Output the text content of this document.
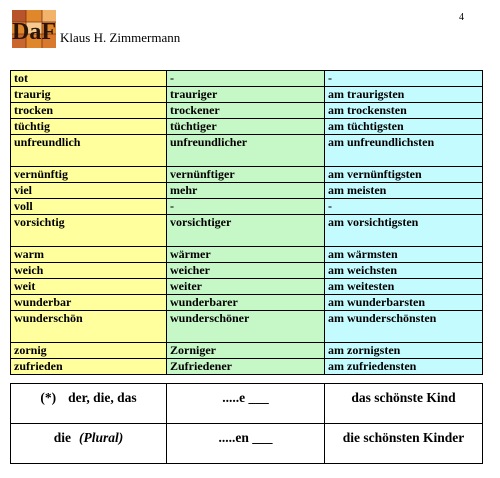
DaF Klaus H. Zimmermann
4
tot	-	-
traurig	trauriger	am traurigsten
trocken	trockener	am trockensten
tüchtig	tüchtiger	am tüchtigsten
unfreundlich	unfreundlicher	am unfreundlichsten
vernünftig	vernünftiger	am vernünftigsten
viel	mehr	am meisten
voll	-	-
vorsichtig	vorsichtiger	am vorsichtigsten
warm	wärmer	am wärmsten
weich	weicher	am weichsten
weit	weiter	am weitesten
wunderbar	wunderbarer	am wunderbarsten
wunderschön	wunderschöner	am wunderschönsten
zornig	Zorniger	am zornigsten
zufrieden	Zufriedener	am zufriedensten
(*) der, die, das	.....e ___	das schönste Kind
die (Plural)	.....en ___	die schönsten Kinder
